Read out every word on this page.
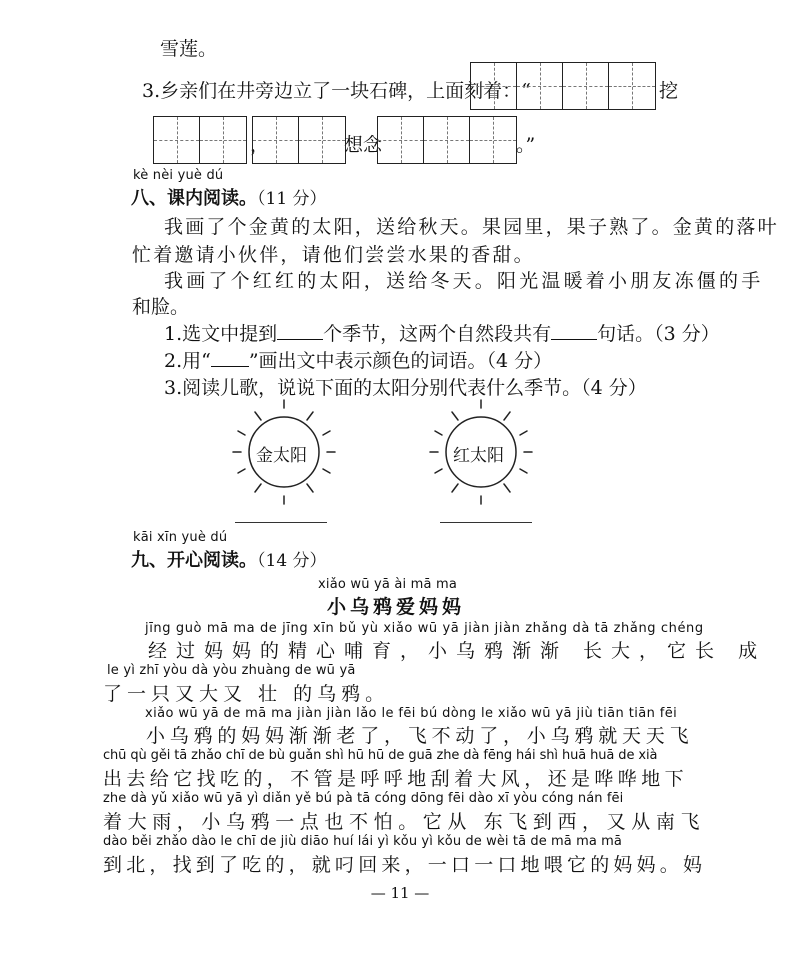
雪莲。
3.乡亲们在井旁边立了一块石碑，上面刻着：“	挖
，	想念	。”
kè nèi yuè dú
八、课内阅读。（11 分）
我画了个金黄的太阳，送给秋天。果园里，果子熟了。金黄的落叶
忙着邀请小伙伴，请他们尝尝水果的香甜。
我画了个红红的太阳，送给冬天。阳光温暖着小朋友冻僵的手
和脸。
1.选文中提到 个季节，这两个自然段共有 句话。（3 分）
2.用“ ”画出文中表示颜色的词语。（4 分）
3.阅读儿歌，说说下面的太阳分别代表什么季节。（4 分）
金太阳	红太阳
kāi xīn yuè dú
九、开心阅读。（14 分）
xiǎo wū yā ài mā ma
小乌鸦爱妈妈
jīng guò mā ma de jīng xīn bǔ yù xiǎo wū yā jiàn jiàn zhǎng dà tā zhǎng chéng
经过妈妈的精心哺育，小乌鸦渐渐 长大，它长 成
le yì zhī yòu dà yòu zhuàng de wū yā
了一只又大又 壮 的乌鸦。
xiǎo wū yā de mā ma jiàn jiàn lǎo le fēi bú dòng le xiǎo wū yā jiù tiān tiān fēi
小乌鸦的妈妈渐渐老了，飞不动了，小乌鸦就天天飞
chū qù gěi tā zhǎo chī de bù guǎn shì hū hū de guā zhe dà fēng hái shì huā huā de xià
出去给它找吃的，不管是呼呼地刮着大风，还是哗哗地下
zhe dà yǔ xiǎo wū yā yì diǎn yě bú pà tā cóng dōng fēi dào xī yòu cóng nán fēi
着大雨，小乌鸦一点也不怕。它从 东飞到西，又从南飞
dào běi zhǎo dào le chī de jiù diāo huí lái yì kǒu yì kǒu de wèi tā de mā ma mā
到北，找到了吃的，就叼回来，一口一口地喂它的妈妈。妈
— 11 —
